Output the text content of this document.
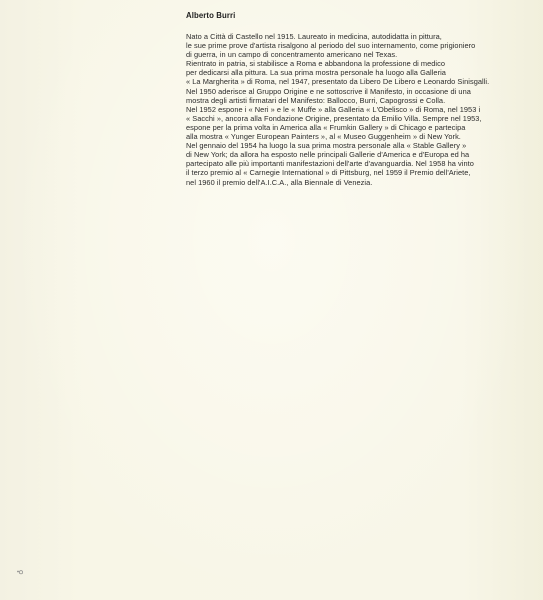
Alberto Burri
Nato a Città di Castello nel 1915. Laureato in medicina, autodidatta in pittura,
le sue prime prove d'artista risalgono al periodo del suo internamento, come prigioniero
di guerra, in un campo di concentramento americano nel Texas.
Rientrato in patria, si stabilisce a Roma e abbandona la professione di medico
per dedicarsi alla pittura. La sua prima mostra personale ha luogo alla Galleria
« La Margherita » di Roma, nel 1947, presentato da Libero De Libero e Leonardo Sinisgalli.
Nel 1950 aderisce al Gruppo Origine e ne sottoscrive il Manifesto, in occasione di una
mostra degli artisti firmatari del Manifesto: Ballocco, Burri, Capogrossi e Colla.
Nel 1952 espone i « Neri » e le « Muffe » alla Galleria « L'Obelisco » di Roma, nel 1953 i
« Sacchi », ancora alla Fondazione Origine, presentato da Emilio Villa. Sempre nel 1953,
espone per la prima volta in America alla « Frumkin Gallery » di Chicago e partecipa
alla mostra « Yunger European Painters », al « Museo Guggenheim » di New York.
Nel gennaio del 1954 ha luogo la sua prima mostra personale alla « Stable Gallery »
di New York; da allora ha esposto nelle principali Gallerie d'America e d'Europa ed ha
partecipato alle più importanti manifestazioni dell'arte d'avanguardia. Nel 1958 ha vinto
il terzo premio al « Carnegie International » di Pittsburg, nel 1959 il Premio dell'Ariete,
nel 1960 il premio dell'A.I.C.A., alla Biennale di Venezia.
